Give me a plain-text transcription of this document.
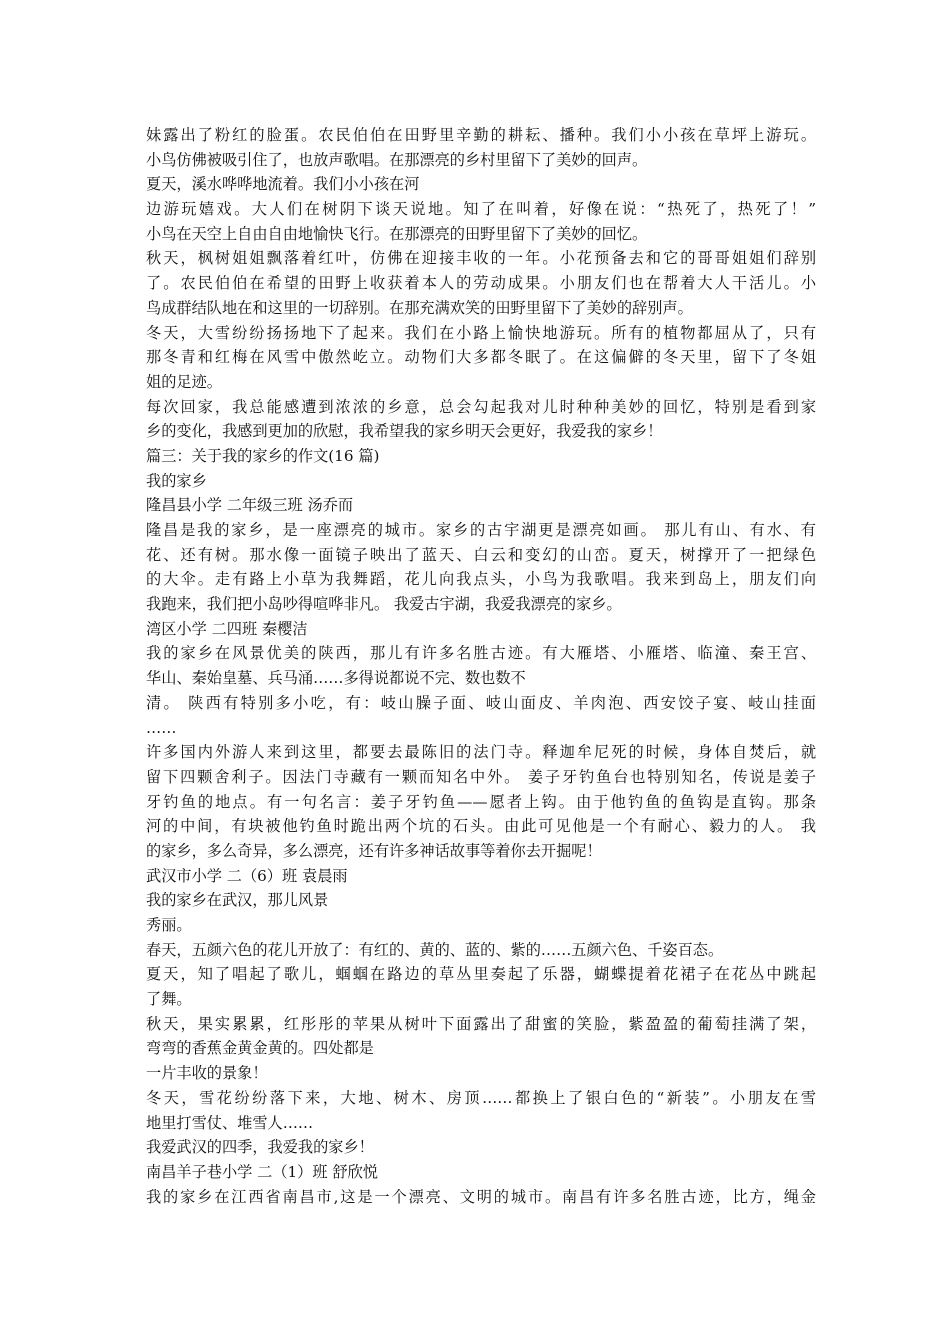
妹露出了粉红的脸蛋。农民伯伯在田野里辛勤的耕耘、播种。我们小小孩在草坪上游玩。
小鸟仿佛被吸引住了，也放声歌唱。在那漂亮的乡村里留下了美妙的回声。
夏天，溪水哗哗地流着。我们小小孩在河
边游玩嬉戏。大人们在树阴下谈天说地。知了在叫着，好像在说：“热死了，热死了！”
小鸟在天空上自由自由地愉快飞行。在那漂亮的田野里留下了美妙的回忆。
秋天，枫树姐姐飘落着红叶，仿佛在迎接丰收的一年。小花预备去和它的哥哥姐姐们辞别
了。农民伯伯在希望的田野上收获着本人的劳动成果。小朋友们也在帮着大人干活儿。小
鸟成群结队地在和这里的一切辞别。在那充满欢笑的田野里留下了美妙的辞别声。
冬天，大雪纷纷扬扬地下了起来。我们在小路上愉快地游玩。所有的植物都屈从了，只有
那冬青和红梅在风雪中傲然屹立。动物们大多都冬眠了。在这偏僻的冬天里，留下了冬姐
姐的足迹。
每次回家，我总能感遭到浓浓的乡意，总会勾起我对儿时种种美妙的回忆，特别是看到家
乡的变化，我感到更加的欣慰，我希望我的家乡明天会更好，我爱我的家乡！
篇三：关于我的家乡的作文(16 篇)
我的家乡
隆昌县小学 二年级三班 汤乔而
隆昌是我的家乡，是一座漂亮的城市。家乡的古宇湖更是漂亮如画。 那儿有山、有水、有
花、还有树。那水像一面镜子映出了蓝天、白云和变幻的山峦。夏天，树撑开了一把绿色
的大伞。走有路上小草为我舞蹈，花儿向我点头，小鸟为我歌唱。我来到岛上，朋友们向
我跑来，我们把小岛吵得喧哗非凡。 我爱古宇湖，我爱我漂亮的家乡。
湾区小学 二四班 秦樱洁
我的家乡在风景优美的陕西，那儿有许多名胜古迹。有大雁塔、小雁塔、临潼、秦王宫、
华山、秦始皇墓、兵马涌……多得说都说不完、数也数不
清。 陕西有特别多小吃，有：岐山臊子面、岐山面皮、羊肉泡、西安饺子宴、岐山挂面
……
许多国内外游人来到这里，都要去最陈旧的法门寺。释迦牟尼死的时候，身体自焚后，就
留下四颗舍利子。因法门寺藏有一颗而知名中外。 姜子牙钓鱼台也特别知名，传说是姜子
牙钓鱼的地点。有一句名言：姜子牙钓鱼——愿者上钩。由于他钓鱼的鱼钩是直钩。那条
河的中间，有块被他钓鱼时跪出两个坑的石头。由此可见他是一个有耐心、毅力的人。 我
的家乡，多么奇异，多么漂亮，还有许多神话故事等着你去开掘呢！
武汉市小学 二（6）班 袁晨雨
我的家乡在武汉，那儿风景
秀丽。
春天，五颜六色的花儿开放了：有红的、黄的、蓝的、紫的……五颜六色、千姿百态。
夏天，知了唱起了歌儿，蝈蝈在路边的草丛里奏起了乐器，蝴蝶提着花裙子在花丛中跳起
了舞。
秋天，果实累累，红彤彤的苹果从树叶下面露出了甜蜜的笑脸，紫盈盈的葡萄挂满了架，
弯弯的香蕉金黄金黄的。四处都是
一片丰收的景象！
冬天，雪花纷纷落下来，大地、树木、房顶……都换上了银白色的“新装”。小朋友在雪
地里打雪仗、堆雪人……
我爱武汉的四季，我爱我的家乡！
南昌羊子巷小学 二（1）班 舒欣悦
我的家乡在江西省南昌市,这是一个漂亮、文明的城市。南昌有许多名胜古迹，比方，绳金
